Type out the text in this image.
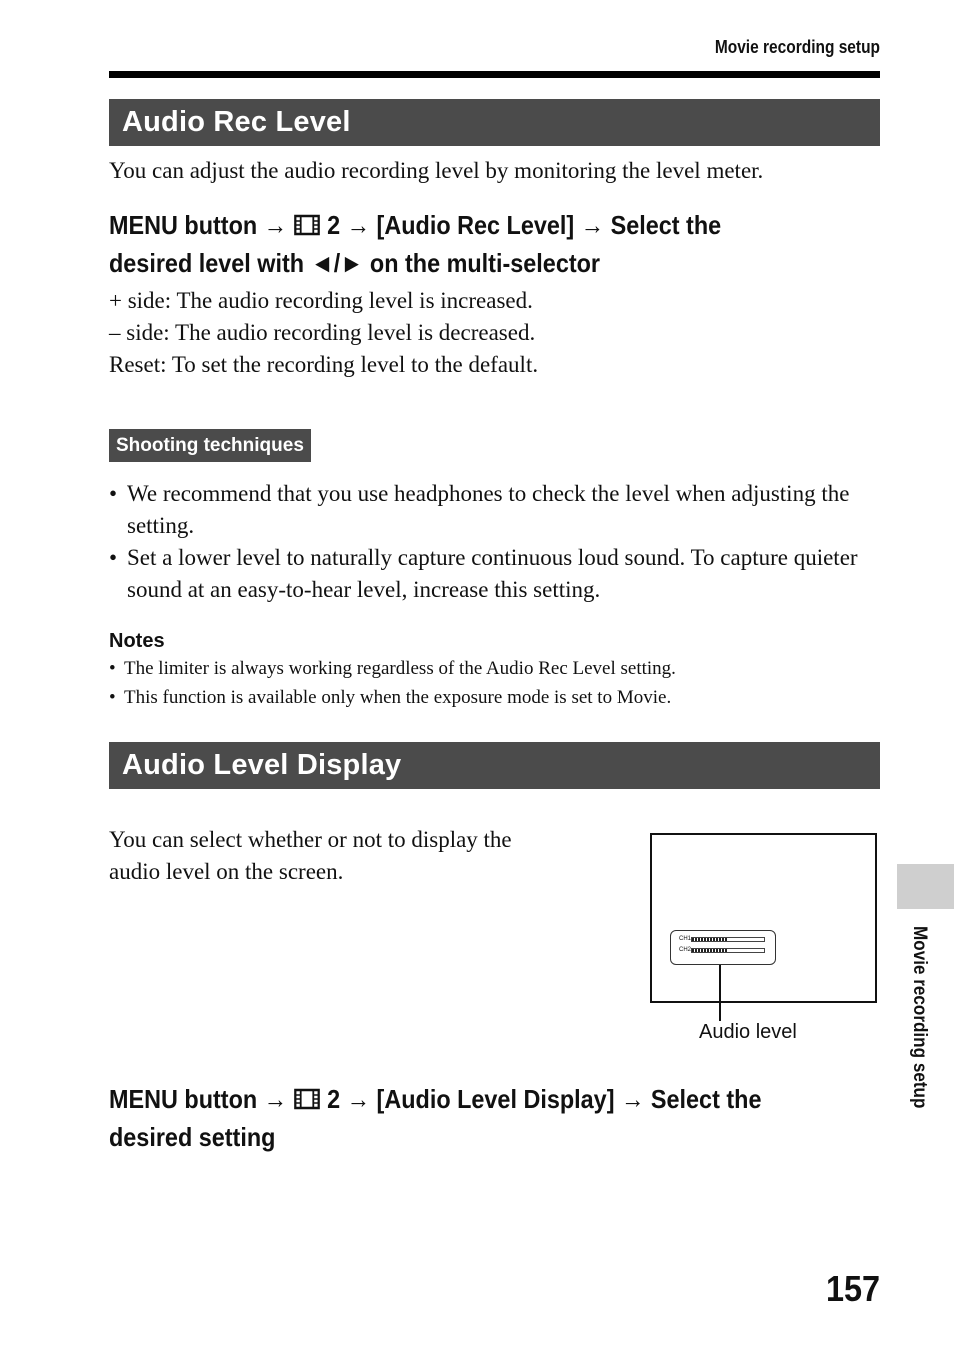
Movie recording setup
Audio Rec Level
You can adjust the audio recording level by monitoring the level meter.
MENU button → 2 → [Audio Rec Level] → Select the
desired level with ◄/► on the multi-selector
+ side: The audio recording level is increased.
– side: The audio recording level is decreased.
Reset: To set the recording level to the default.
Shooting techniques
• We recommend that you use headphones to check the level when adjusting the setting.
• Set a lower level to naturally capture continuous loud sound. To capture quieter sound at an easy-to-hear level, increase this setting.
Notes
• The limiter is always working regardless of the Audio Rec Level setting.
• This function is available only when the exposure mode is set to Movie.
Audio Level Display
You can select whether or not to display the audio level on the screen.
CH1
CH2
Audio level
MENU button → 2 → [Audio Level Display] → Select the
desired setting
Movie recording setup
157
